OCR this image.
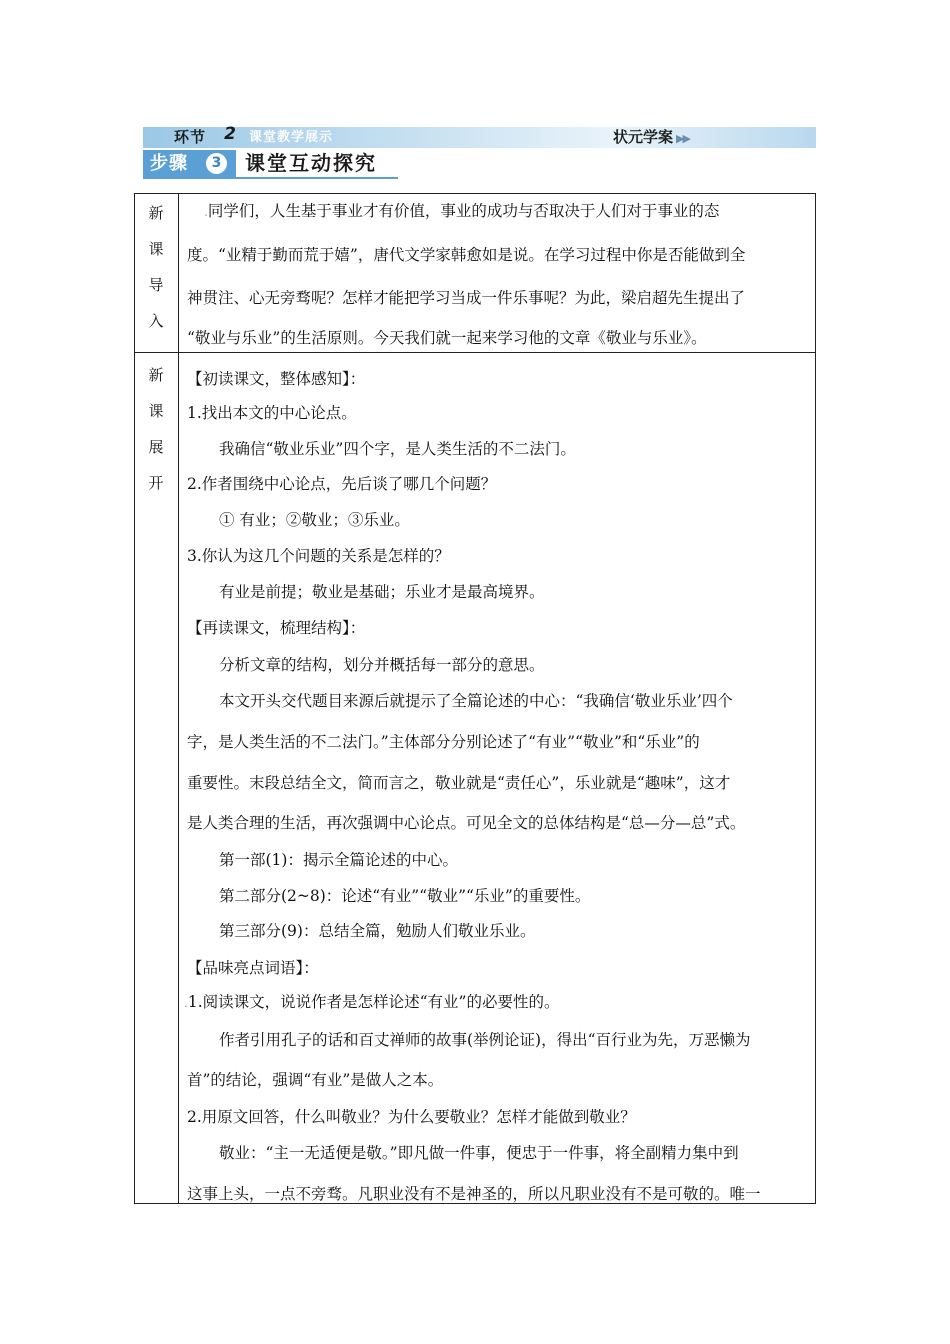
环节 2 课堂教学展示	状元学案 ▶▶
步骤	3 课堂互动探究
新
课
导
入
.同学们，人生基于事业才有价值，事业的成功与否取决于人们对于事业的态
度。“业精于勤而荒于嬉”，唐代文学家韩愈如是说。在学习过程中你是否能做到全
神贯注、心无旁骛呢？怎样才能把学习当成一件乐事呢？为此，梁启超先生提出了
“敬业与乐业”的生活原则。今天我们就一起来学习他的文章《敬业与乐业》。
新
课
展
开
【初读课文，整体感知】：
1.找出本文的中心论点。
我确信“敬业乐业”四个字，是人类生活的不二法门。
2.作者围绕中心论点，先后谈了哪几个问题？
① 有业；②敬业；③乐业。
3.你认为这几个问题的关系是怎样的？
有业是前提；敬业是基础；乐业才是最高境界。
【再读课文，梳理结构】：
分析文章的结构，划分并概括每一部分的意思。
本文开头交代题目来源后就提示了全篇论述的中心：“我确信‘敬业乐业’四个
字，是人类生活的不二法门。”主体部分分别论述了“有业”“敬业”和“乐业”的
重要性。末段总结全文，简而言之，敬业就是“责任心”，乐业就是“趣味”，这才
是人类合理的生活，再次强调中心论点。可见全文的总体结构是“总—分—总”式。
第一部(1)：揭示全篇论述的中心。
第二部分(2~8)：论述“有业”“敬业”“乐业”的重要性。
第三部分(9)：总结全篇，勉励人们敬业乐业。
【品味亮点词语】：
.1.阅读课文，说说作者是怎样论述“有业”的必要性的。
作者引用孔子的话和百丈禅师的故事(举例论证)，得出“百行业为先，万恶懒为
首”的结论，强调“有业”是做人之本。
2.用原文回答，什么叫敬业？为什么要敬业？怎样才能做到敬业？
敬业：“主一无适便是敬。”即凡做一件事，便忠于一件事，将全副精力集中到
这事上头，一点不旁骛。凡职业没有不是神圣的，所以凡职业没有不是可敬的。唯一
